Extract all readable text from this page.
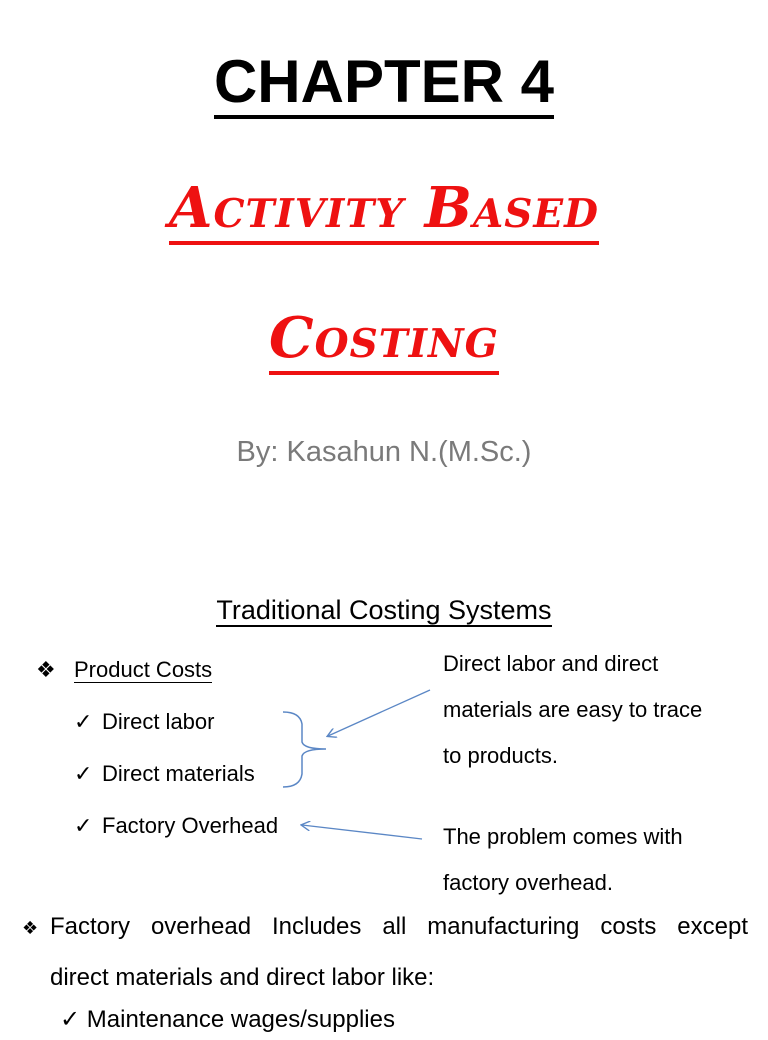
CHAPTER 4
Activity Based
Costing
By: Kasahun N.(M.Sc.)
Traditional Costing Systems
❖ Product Costs
✓ Direct labor
✓ Direct materials
✓ Factory Overhead
Direct labor and direct
materials are easy to trace
to products.
The problem comes with
factory overhead.
❖ Factory overhead Includes all manufacturing costs except
direct materials and direct labor like:
✓ Maintenance wages/supplies
